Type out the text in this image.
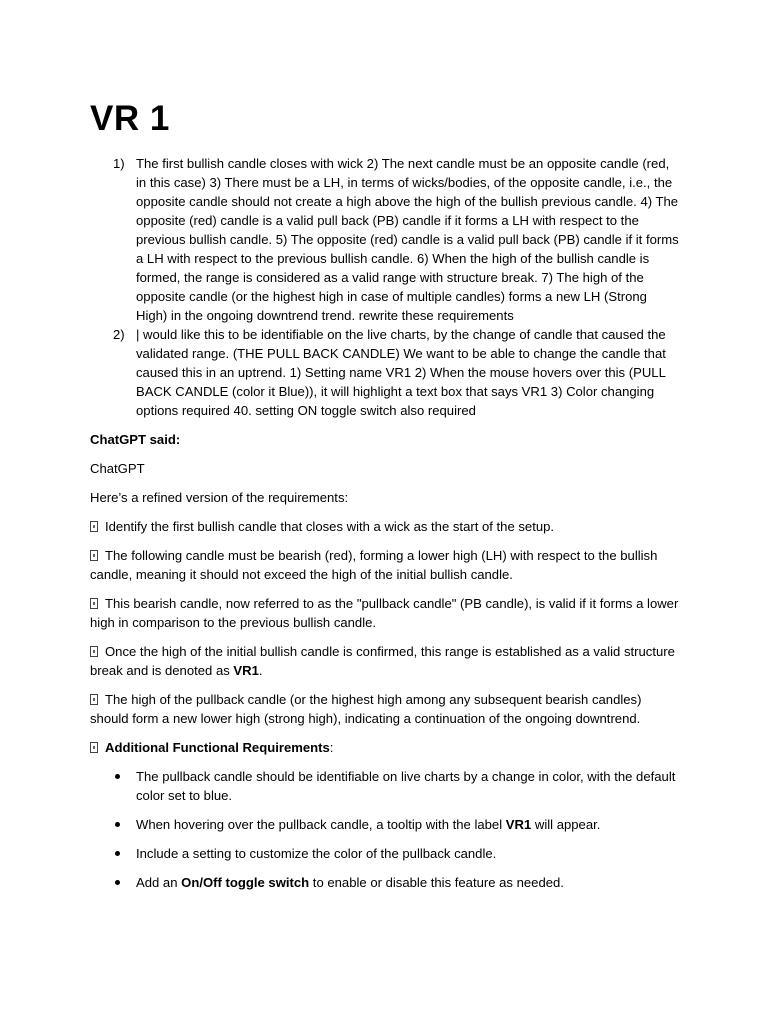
VR 1
1) The first bullish candle closes with wick 2) The next candle must be an opposite candle (red, in this case) 3) There must be a LH, in terms of wicks/bodies, of the opposite candle, i.e., the opposite candle should not create a high above the high of the bullish previous candle. 4) The opposite (red) candle is a valid pull back (PB) candle if it forms a LH with respect to the previous bullish candle. 5) The opposite (red) candle is a valid pull back (PB) candle if it forms a LH with respect to the previous bullish candle. 6) When the high of the bullish candle is formed, the range is considered as a valid range with structure break. 7) The high of the opposite candle (or the highest high in case of multiple candles) forms a new LH (Strong High) in the ongoing downtrend trend. rewrite these requirements
2) | would like this to be identifiable on the live charts, by the change of candle that caused the validated range. (THE PULL BACK CANDLE) We want to be able to change the candle that caused this in an uptrend. 1) Setting name VR1 2) When the mouse hovers over this (PULL BACK CANDLE (color it Blue)), it will highlight a text box that says VR1 3) Color changing options required 40. setting ON toggle switch also required

ChatGPT said:

ChatGPT

Here’s a refined version of the requirements:

Identify the first bullish candle that closes with a wick as the start of the setup.

The following candle must be bearish (red), forming a lower high (LH) with respect to the bullish candle, meaning it should not exceed the high of the initial bullish candle.

This bearish candle, now referred to as the "pullback candle" (PB candle), is valid if it forms a lower high in comparison to the previous bullish candle.

Once the high of the initial bullish candle is confirmed, this range is established as a valid structure break and is denoted as VR1.

The high of the pullback candle (or the highest high among any subsequent bearish candles) should form a new lower high (strong high), indicating a continuation of the ongoing downtrend.

Additional Functional Requirements:

The pullback candle should be identifiable on live charts by a change in color, with the default color set to blue.
When hovering over the pullback candle, a tooltip with the label VR1 will appear.
Include a setting to customize the color of the pullback candle.
Add an On/Off toggle switch to enable or disable this feature as needed.
